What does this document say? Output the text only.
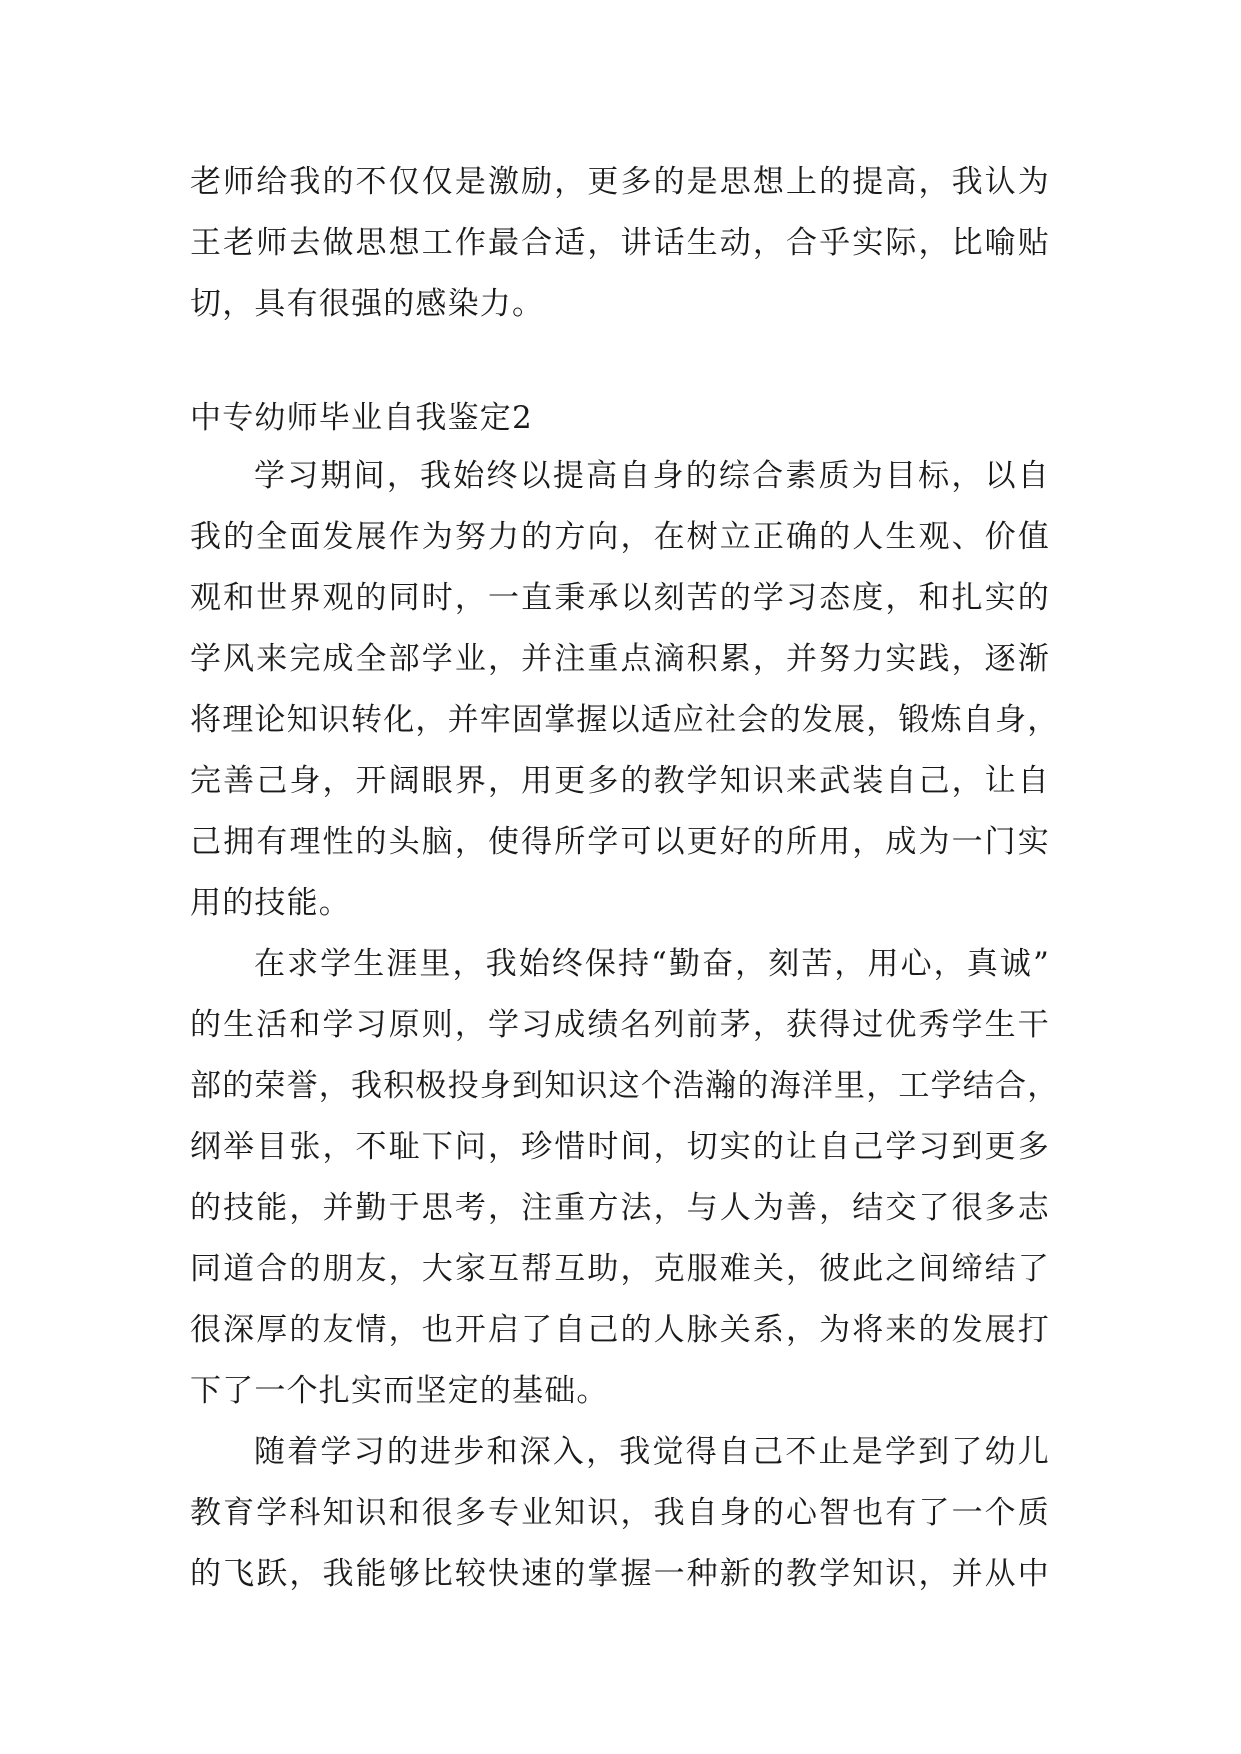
老师给我的不仅仅是激励，更多的是思想上的提高，我认为
王老师去做思想工作最合适，讲话生动，合乎实际，比喻贴
切，具有很强的感染力。
中专幼师毕业自我鉴定2
学习期间，我始终以提高自身的综合素质为目标，以自
我的全面发展作为努力的方向，在树立正确的人生观、价值
观和世界观的同时，一直秉承以刻苦的学习态度，和扎实的
学风来完成全部学业，并注重点滴积累，并努力实践，逐渐
将理论知识转化，并牢固掌握以适应社会的发展，锻炼自身，
完善己身，开阔眼界，用更多的教学知识来武装自己，让自
己拥有理性的头脑，使得所学可以更好的所用，成为一门实
用的技能。
在求学生涯里，我始终保持“勤奋，刻苦，用心，真诚”
的生活和学习原则，学习成绩名列前茅，获得过优秀学生干
部的荣誉，我积极投身到知识这个浩瀚的海洋里，工学结合，
纲举目张，不耻下问，珍惜时间，切实的让自己学习到更多
的技能，并勤于思考，注重方法，与人为善，结交了很多志
同道合的朋友，大家互帮互助，克服难关，彼此之间缔结了
很深厚的友情，也开启了自己的人脉关系，为将来的发展打
下了一个扎实而坚定的基础。
随着学习的进步和深入，我觉得自己不止是学到了幼儿
教育学科知识和很多专业知识，我自身的心智也有了一个质
的飞跃，我能够比较快速的掌握一种新的教学知识，并从中
